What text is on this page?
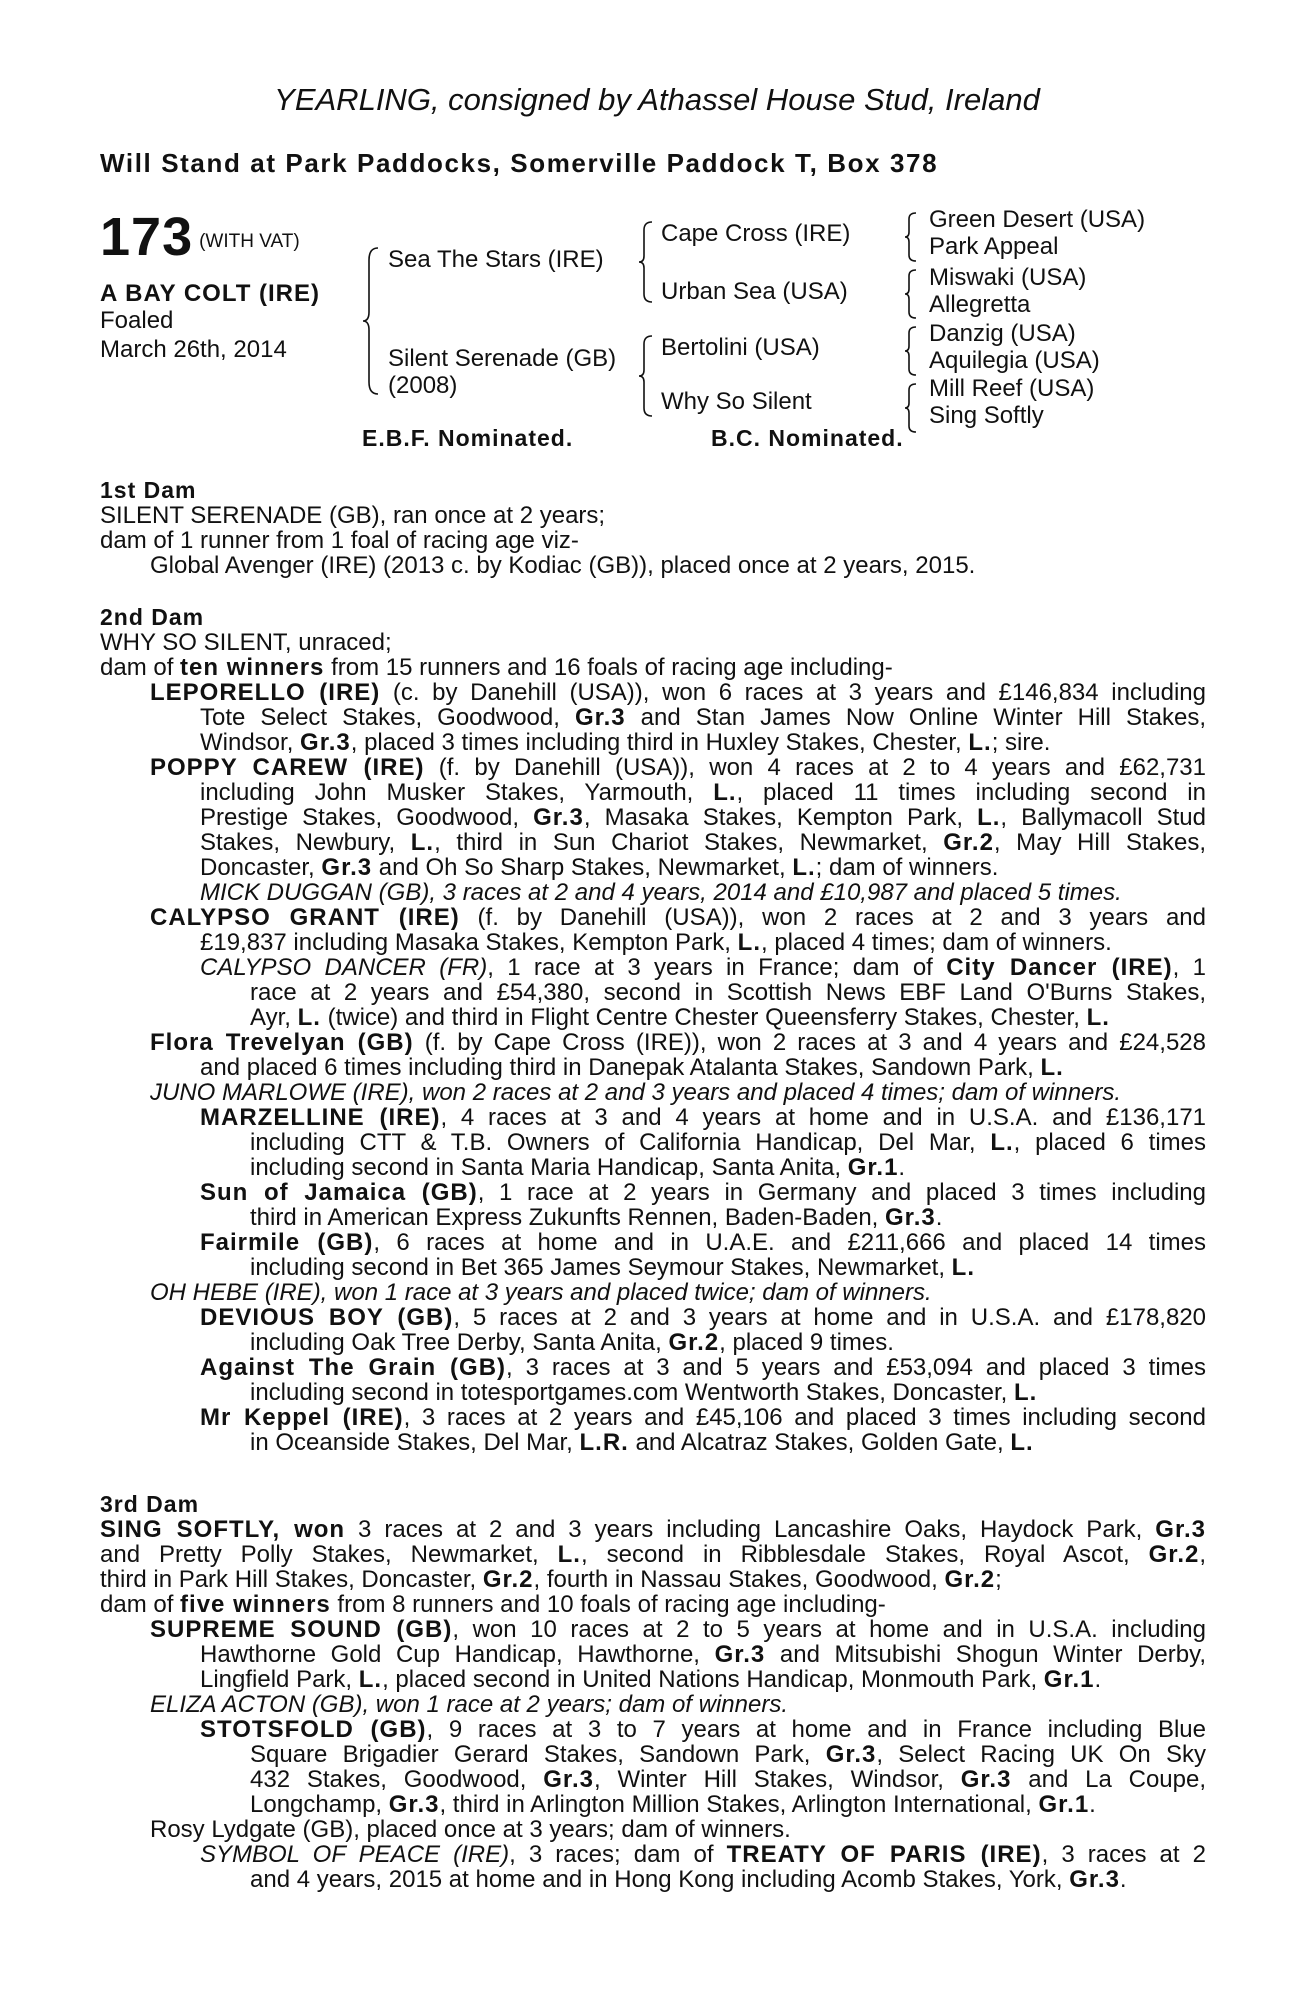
YEARLING, consigned by Athassel House Stud, Ireland
Will Stand at Park Paddocks, Somerville Paddock T, Box 378
173 (WITH VAT)
A BAY COLT (IRE)
Foaled
March 26th, 2014
Sea The Stars (IRE)
Silent Serenade (GB)
(2008)
Cape Cross (IRE)
Urban Sea (USA)
Bertolini (USA)
Why So Silent
Green Desert (USA)
Park Appeal
Miswaki (USA)
Allegretta
Danzig (USA)
Aquilegia (USA)
Mill Reef (USA)
Sing Softly
E.B.F. Nominated.	B.C. Nominated.
1st Dam
SILENT SERENADE (GB), ran once at 2 years;
dam of 1 runner from 1 foal of racing age viz-
Global Avenger (IRE) (2013 c. by Kodiac (GB)), placed once at 2 years, 2015.
2nd Dam
WHY SO SILENT, unraced;
dam of ten winners from 15 runners and 16 foals of racing age including-
LEPORELLO (IRE) (c. by Danehill (USA)), won 6 races at 3 years and £146,834 including
Tote Select Stakes, Goodwood, Gr.3 and Stan James Now Online Winter Hill Stakes,
Windsor, Gr.3, placed 3 times including third in Huxley Stakes, Chester, L.; sire.
POPPY CAREW (IRE) (f. by Danehill (USA)), won 4 races at 2 to 4 years and £62,731
including John Musker Stakes, Yarmouth, L., placed 11 times including second in
Prestige Stakes, Goodwood, Gr.3, Masaka Stakes, Kempton Park, L., Ballymacoll Stud
Stakes, Newbury, L., third in Sun Chariot Stakes, Newmarket, Gr.2, May Hill Stakes,
Doncaster, Gr.3 and Oh So Sharp Stakes, Newmarket, L.; dam of winners.
MICK DUGGAN (GB), 3 races at 2 and 4 years, 2014 and £10,987 and placed 5 times.
CALYPSO GRANT (IRE) (f. by Danehill (USA)), won 2 races at 2 and 3 years and
£19,837 including Masaka Stakes, Kempton Park, L., placed 4 times; dam of winners.
CALYPSO DANCER (FR), 1 race at 3 years in France; dam of City Dancer (IRE), 1
race at 2 years and £54,380, second in Scottish News EBF Land O'Burns Stakes,
Ayr, L. (twice) and third in Flight Centre Chester Queensferry Stakes, Chester, L.
Flora Trevelyan (GB) (f. by Cape Cross (IRE)), won 2 races at 3 and 4 years and £24,528
and placed 6 times including third in Danepak Atalanta Stakes, Sandown Park, L.
JUNO MARLOWE (IRE), won 2 races at 2 and 3 years and placed 4 times; dam of winners.
MARZELLINE (IRE), 4 races at 3 and 4 years at home and in U.S.A. and £136,171
including CTT & T.B. Owners of California Handicap, Del Mar, L., placed 6 times
including second in Santa Maria Handicap, Santa Anita, Gr.1.
Sun of Jamaica (GB), 1 race at 2 years in Germany and placed 3 times including
third in American Express Zukunfts Rennen, Baden-Baden, Gr.3.
Fairmile (GB), 6 races at home and in U.A.E. and £211,666 and placed 14 times
including second in Bet 365 James Seymour Stakes, Newmarket, L.
OH HEBE (IRE), won 1 race at 3 years and placed twice; dam of winners.
DEVIOUS BOY (GB), 5 races at 2 and 3 years at home and in U.S.A. and £178,820
including Oak Tree Derby, Santa Anita, Gr.2, placed 9 times.
Against The Grain (GB), 3 races at 3 and 5 years and £53,094 and placed 3 times
including second in totesportgames.com Wentworth Stakes, Doncaster, L.
Mr Keppel (IRE), 3 races at 2 years and £45,106 and placed 3 times including second
in Oceanside Stakes, Del Mar, L.R. and Alcatraz Stakes, Golden Gate, L.
3rd Dam
SING SOFTLY, won 3 races at 2 and 3 years including Lancashire Oaks, Haydock Park, Gr.3
and Pretty Polly Stakes, Newmarket, L., second in Ribblesdale Stakes, Royal Ascot, Gr.2,
third in Park Hill Stakes, Doncaster, Gr.2, fourth in Nassau Stakes, Goodwood, Gr.2;
dam of five winners from 8 runners and 10 foals of racing age including-
SUPREME SOUND (GB), won 10 races at 2 to 5 years at home and in U.S.A. including
Hawthorne Gold Cup Handicap, Hawthorne, Gr.3 and Mitsubishi Shogun Winter Derby,
Lingfield Park, L., placed second in United Nations Handicap, Monmouth Park, Gr.1.
ELIZA ACTON (GB), won 1 race at 2 years; dam of winners.
STOTSFOLD (GB), 9 races at 3 to 7 years at home and in France including Blue
Square Brigadier Gerard Stakes, Sandown Park, Gr.3, Select Racing UK On Sky
432 Stakes, Goodwood, Gr.3, Winter Hill Stakes, Windsor, Gr.3 and La Coupe,
Longchamp, Gr.3, third in Arlington Million Stakes, Arlington International, Gr.1.
Rosy Lydgate (GB), placed once at 3 years; dam of winners.
SYMBOL OF PEACE (IRE), 3 races; dam of TREATY OF PARIS (IRE), 3 races at 2
and 4 years, 2015 at home and in Hong Kong including Acomb Stakes, York, Gr.3.
